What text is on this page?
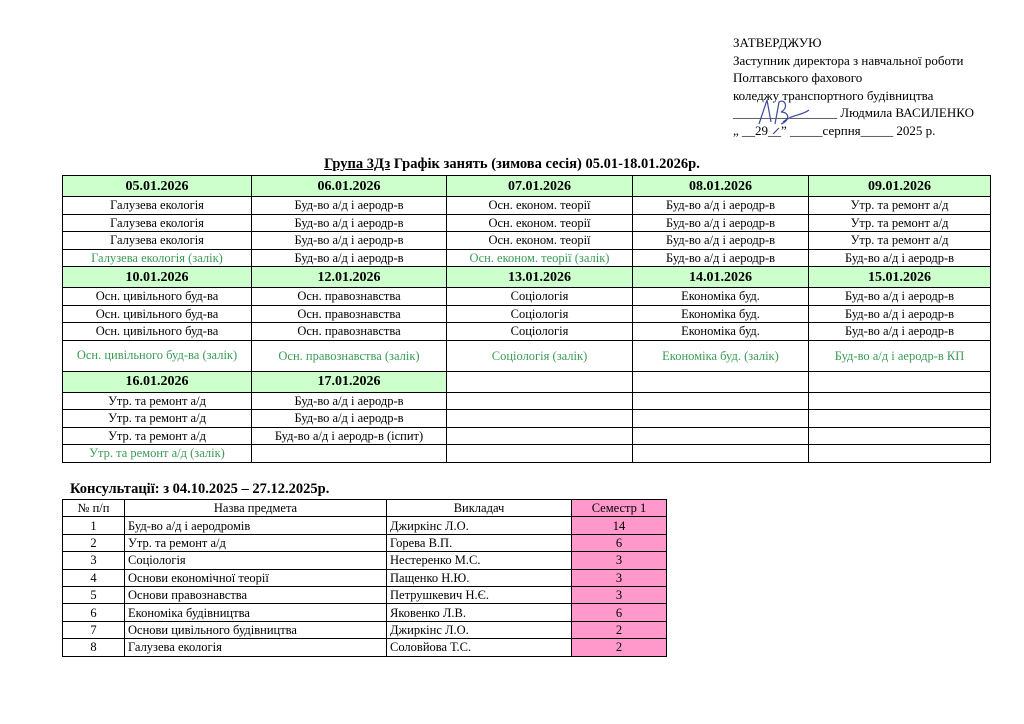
ЗАТВЕРДЖУЮ
Заступник директора з навчальної роботи
Полтавського фахового
коледжу транспортного будівництва
________________ Людмила ВАСИЛЕНКО
„ __29__” _____серпня_____ 2025 р.
Група 3Дз Графік занять (зимова сесія) 05.01-18.01.2026р.
05.01.2026	06.01.2026	07.01.2026	08.01.2026	09.01.2026
Галузева екологія	Буд-во а/д і аеродр-в	Осн. економ. теорії	Буд-во а/д і аеродр-в	Утр. та ремонт а/д
Галузева екологія	Буд-во а/д і аеродр-в	Осн. економ. теорії	Буд-во а/д і аеродр-в	Утр. та ремонт а/д
Галузева екологія	Буд-во а/д і аеродр-в	Осн. економ. теорії	Буд-во а/д і аеродр-в	Утр. та ремонт а/д
Галузева екологія (залік)	Буд-во а/д і аеродр-в	Осн. економ. теорії (залік)	Буд-во а/д і аеродр-в	Буд-во а/д і аеродр-в
10.01.2026	12.01.2026	13.01.2026	14.01.2026	15.01.2026
Осн. цивільного буд-ва	Осн. правознавства	Соціологія	Економіка буд.	Буд-во а/д і аеродр-в
Осн. цивільного буд-ва	Осн. правознавства	Соціологія	Економіка буд.	Буд-во а/д і аеродр-в
Осн. цивільного буд-ва	Осн. правознавства	Соціологія	Економіка буд.	Буд-во а/д і аеродр-в
Осн. цивільного буд-ва (залік)	Осн. правознавства (залік)	Соціологія (залік)	Економіка буд. (залік)	Буд-во а/д і аеродр-в КП
16.01.2026	17.01.2026			
Утр. та ремонт а/д	Буд-во а/д і аеродр-в			
Утр. та ремонт а/д	Буд-во а/д і аеродр-в			
Утр. та ремонт а/д	Буд-во а/д і аеродр-в (іспит)			
Утр. та ремонт а/д (залік)				
Консультації: з 04.10.2025 – 27.12.2025р.
№ п/п	Назва предмета	Викладач	Семестр 1
1	Буд-во а/д і аеродромів	Джиркінс Л.О.	14
2	Утр. та ремонт а/д	Горева В.П.	6
3	Соціологія	Нестеренко М.С.	3
4	Основи економічної теорії	Пащенко Н.Ю.	3
5	Основи правознавства	Петрушкевич Н.Є.	3
6	Економіка будівництва	Яковенко Л.В.	6
7	Основи цивільного будівництва	Джиркінс Л.О.	2
8	Галузева екологія	Соловйова Т.С.	2
